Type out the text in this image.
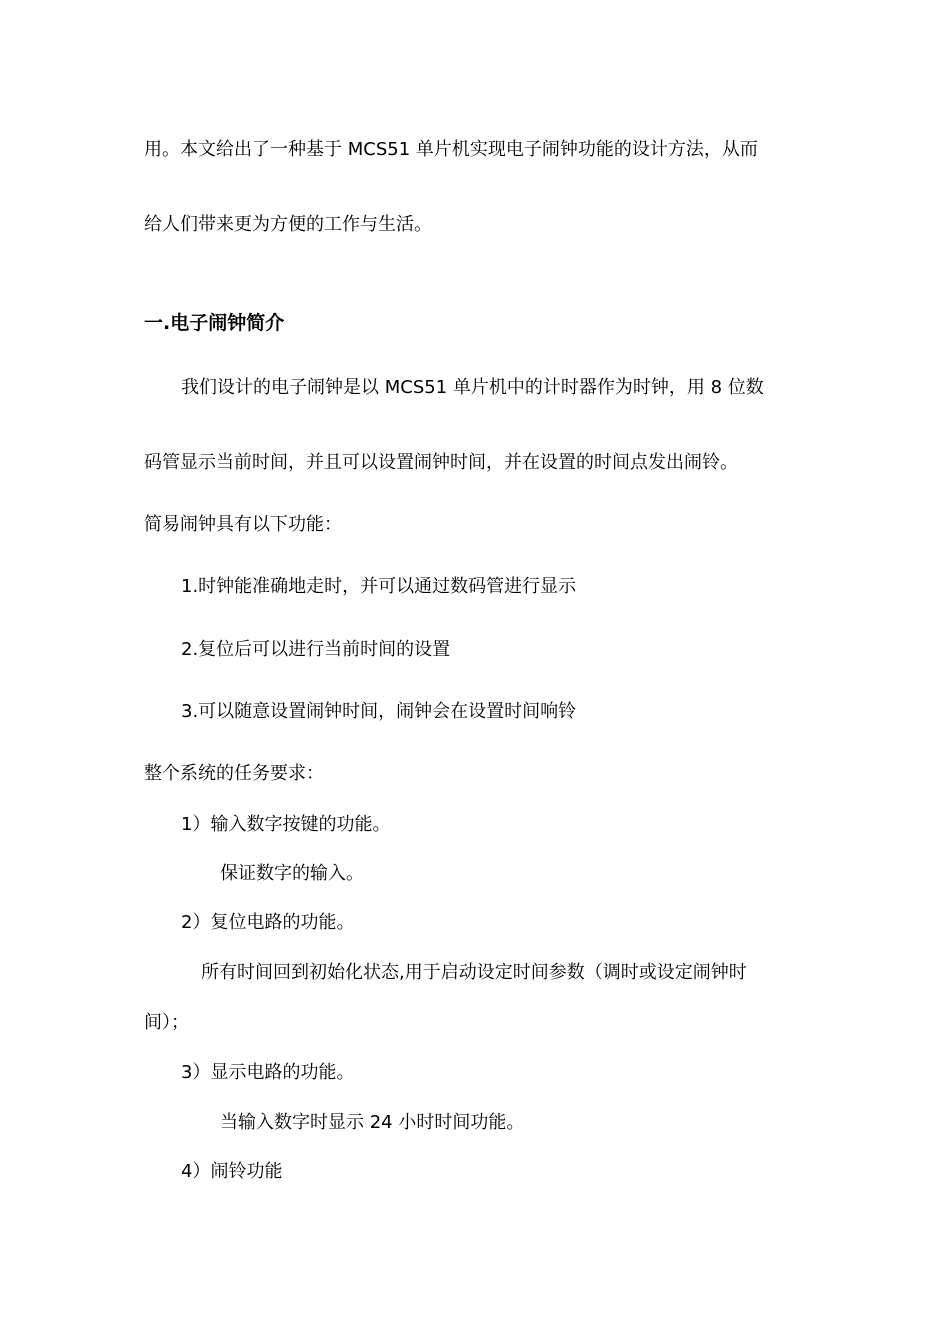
用。本文给出了一种基于 MCS51 单片机实现电子闹钟功能的设计方法，从而
给人们带来更为方便的工作与生活。
一.电子闹钟简介
我们设计的电子闹钟是以 MCS51 单片机中的计时器作为时钟，用 8 位数
码管显示当前时间，并且可以设置闹钟时间，并在设置的时间点发出闹铃。
简易闹钟具有以下功能：
1.时钟能准确地走时，并可以通过数码管进行显示
2.复位后可以进行当前时间的设置
3.可以随意设置闹钟时间，闹钟会在设置时间响铃
整个系统的任务要求：
1）输入数字按键的功能。
保证数字的输入。
2）复位电路的功能。
所有时间回到初始化状态,用于启动设定时间参数（调时或设定闹钟时
间）；
3）显示电路的功能。
当输入数字时显示 24 小时时间功能。
4）闹铃功能
